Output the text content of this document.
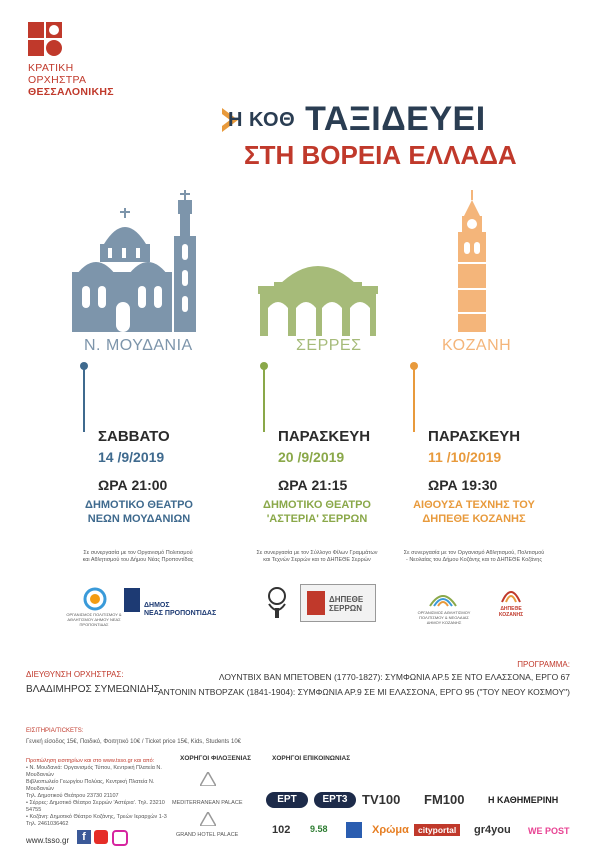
ΚΡΑΤΙΚΗ
ΟΡΧΗΣΤΡΑ
ΘΕΣΣΑΛΟΝΙΚΗΣ
Η ΚΟΘ ΤΑΞΙΔΕΥΕΙ
ΣΤΗ ΒΟΡΕΙΑ ΕΛΛΑΔΑ
Ν. ΜΟΥΔΑΝΙΑ	ΣΕΡΡΕΣ	ΚΟΖΑΝΗ
ΣΑΒΒΑΤΟ
14 /9/2019
ΩΡΑ 21:00
ΔΗΜΟΤΙΚΟ ΘΕΑΤΡΟ
ΝΕΩΝ ΜΟΥΔΑΝΙΩΝ
Σε συνεργασία με τον Οργανισμό Πολιτισμού
και Αθλητισμού του Δήμου Νέας Προποντίδας
ΟΡΓΑΝΙΣΜΟΣ ΠΟΛΙΤΙΣΜΟΥ & ΑΘΛΗΤΙΣΜΟΥ ΔΗΜΟΥ ΝΕΑΣ ΠΡΟΠΟΝΤΙΔΑΣ
ΔΗΜΟΣ
ΝΕΑΣ ΠΡΟΠΟΝΤΙΔΑΣ
ΠΑΡΑΣΚΕΥΗ
20 /9/2019
ΩΡΑ 21:15
ΔΗΜΟΤΙΚΟ ΘΕΑΤΡΟ
'ΑΣΤΕΡΙΑ' ΣΕΡΡΩΝ
Σε συνεργασία με τον Σύλλογο Φίλων Γραμμάτων
και Τεχνών Σερρών και το ΔΗΠΕΘΕ Σερρών
ΔΗΠΕΘΕ
ΣΕΡΡΩΝ
ΠΑΡΑΣΚΕΥΗ
11 /10/2019
ΩΡΑ 19:30
ΑΙΘΟΥΣΑ ΤΕΧΝΗΣ ΤΟΥ
ΔΗΠΕΘΕ ΚΟΖΑΝΗΣ
Σε συνεργασία με τον Οργανισμό Αθλητισμού, Πολιτισμού
- Νεολαίας του Δήμου Κοζάνης και το ΔΗΠΕΘΕ Κοζάνης
ΟΡΓΑΝΙΣΜΟΣ ΑΘΛΗΤΙΣΜΟΥ ΠΟΛΙΤΙΣΜΟΥ & ΝΕΟΛΑΙΑΣ ΔΗΜΟΥ ΚΟΖΑΝΗΣ
ΔΗΠΕΘΕ
ΚΟΖΑΝΗΣ
ΔΙΕΥΘΥΝΣΗ ΟΡΧΗΣΤΡΑΣ:
ΒΛΑΔΙΜΗΡΟΣ ΣΥΜΕΩΝΙΔΗΣ
ΠΡΟΓΡΑΜΜΑ:
ΛΟΥΝΤΒΙΧ ΒΑΝ ΜΠΕΤΟΒΕΝ (1770-1827): ΣΥΜΦΩΝΙΑ ΑΡ.5 ΣΕ ΝΤΟ ΕΛΑΣΣΟΝΑ, ΕΡΓΟ 67
ΑΝΤΟΝΙΝ ΝΤΒΟΡΖΑΚ (1841-1904): ΣΥΜΦΩΝΙΑ ΑΡ.9 ΣΕ ΜΙ ΕΛΑΣΣΟΝΑ, ΕΡΓΟ 95 ("ΤΟΥ ΝΕΟΥ ΚΟΣΜΟΥ")
ΕΙΣΙΤΗΡΙΑ/TICKETS:
Γενική είσοδος 15€, Παιδικό, Φοιτητικό 10€ / Ticket price 15€, Kids, Students 10€
Προπώληση εισιτηρίων και στο www.tsso.gr και από:
• Ν. Μουδανιά: Οργανισμός Τύπου, Κεντρική Πλατεία Ν. Μουδανιών
Βιβλιοπωλείο Γεωργίου Πολύας, Κεντρική Πλατεία Ν. Μουδανιών
Τηλ. Δημοτικού Θεάτρου 23730 21107
• Σέρρες: Δημοτικό Θέατρο Σερρών 'Αστέρια'. Τηλ. 23210 54755
• Κοζάνη: Δημοτικό Θέατρο Κοζάνης, Τρεών Ιεραρχών 1-3
Τηλ. 2461036462
www.tsso.gr	f
ΧΟΡΗΓΟΙ ΦΙΛΟΞΕΝΙΑΣ
MEDITERRANEAN PALACE
GRAND HOTEL PALACE
ΧΟΡΗΓΟΙ ΕΠΙΚΟΙΝΩΝΙΑΣ
ΕΡΤ	ΕΡΤ3	TV100 FM100	Η ΚΑΘΗΜΕΡΙΝΗ
102 9.58	Χρώμα	cityportal	gr4you WE POST
